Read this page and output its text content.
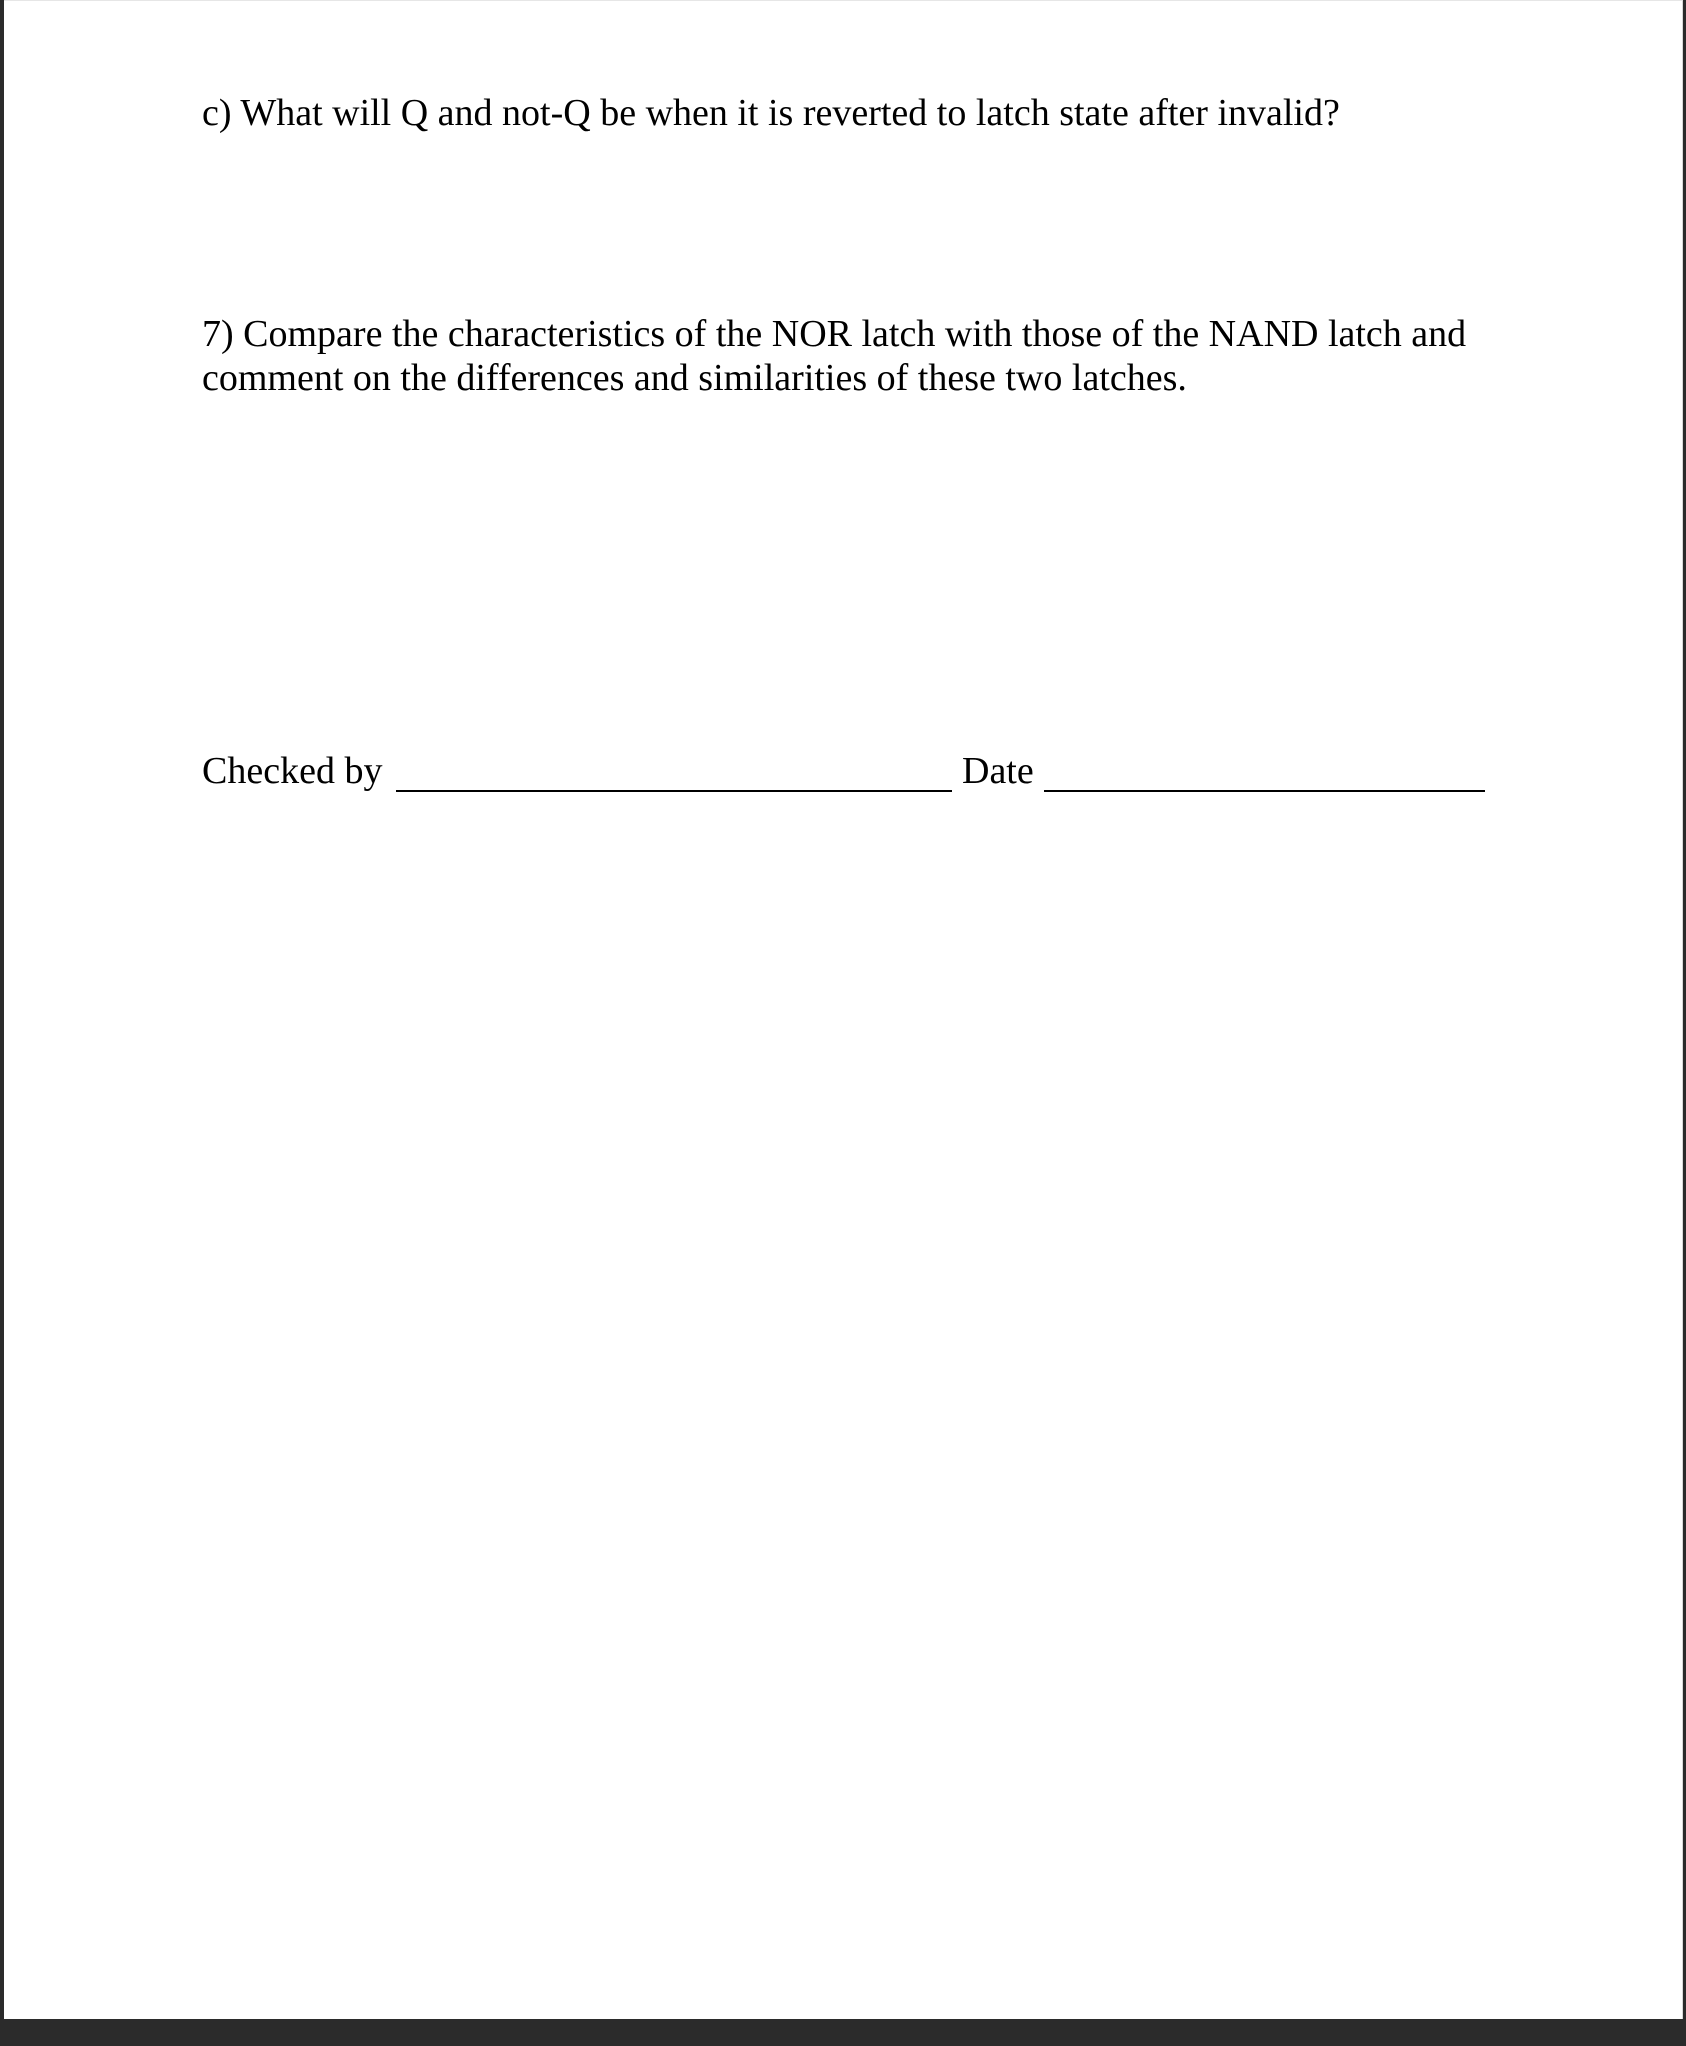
c) What will Q and not-Q be when it is reverted to latch state after invalid?

7) Compare the characteristics of the NOR latch with those of the NAND latch and
comment on the differences and similarities of these two latches.
Checked by	Date
